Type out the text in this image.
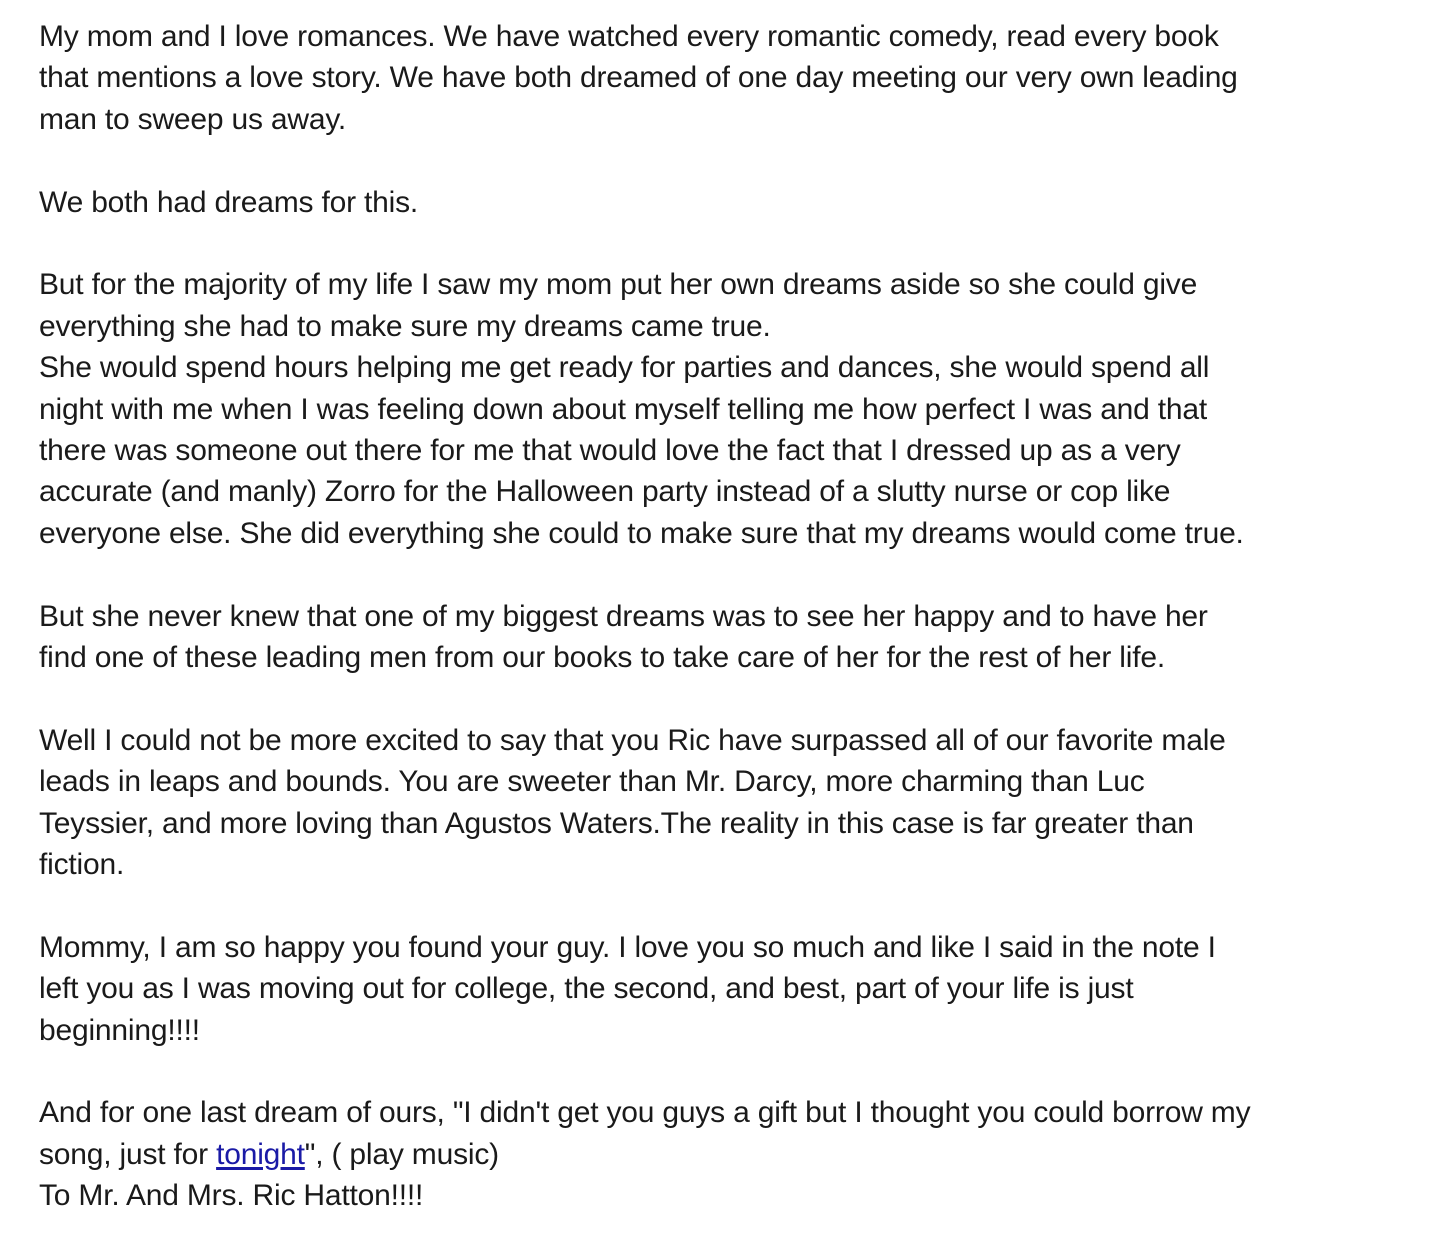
My mom and I love romances. We have watched every romantic comedy, read every book
that mentions a love story. We have both dreamed of one day meeting our very own leading
man to sweep us away.
We both had dreams for this.
But for the majority of my life I saw my mom put her own dreams aside so she could give
everything she had to make sure my dreams came true.
She would spend hours helping me get ready for parties and dances, she would spend all
night with me when I was feeling down about myself telling me how perfect I was and that
there was someone out there for me that would love the fact that I dressed up as a very
accurate (and manly) Zorro for the Halloween party instead of a slutty nurse or cop like
everyone else. She did everything she could to make sure that my dreams would come true.
But she never knew that one of my biggest dreams was to see her happy and to have her
find one of these leading men from our books to take care of her for the rest of her life.
Well I could not be more excited to say that you Ric have surpassed all of our favorite male
leads in leaps and bounds. You are sweeter than Mr. Darcy, more charming than Luc
Teyssier, and more loving than Agustos Waters.The reality in this case is far greater than
fiction.
Mommy, I am so happy you found your guy. I love you so much and like I said in the note I
left you as I was moving out for college, the second, and best, part of your life is just
beginning!!!!
And for one last dream of ours, "I didn't get you guys a gift but I thought you could borrow my
song, just for tonight", ( play music)
To Mr. And Mrs. Ric Hatton!!!!
